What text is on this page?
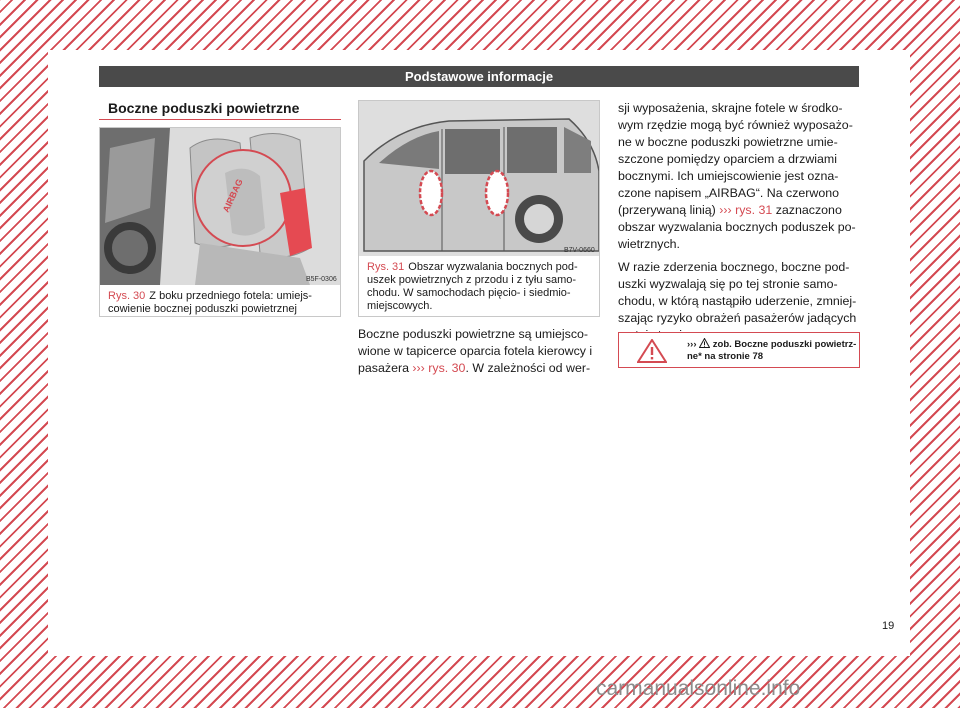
Podstawowe informacje
Boczne poduszki powietrzne
AIRBAG
B5F-0306
Rys. 30 Z boku przedniego fotela: umiejs-cowienie bocznej poduszki powietrznej
B7V-0660
Rys. 31 Obszar wyzwalania bocznych pod-uszek powietrznych z przodu i z tyłu samo-chodu. W samochodach pięcio- i siedmio-miejscowych.

Boczne poduszki powietrzne są umiejsco-wione w tapicerce oparcia fotela kierowcy i pasażera ››› rys. 30. W zależności od wer-

sji wyposażenia, skrajne fotele w środko-wym rzędzie mogą być również wyposażo-ne w boczne poduszki powietrzne umie-szczone pomiędzy oparciem a drzwiami bocznymi. Ich umiejscowienie jest ozna-czone napisem „AIRBAG“. Na czerwono (przerywaną linią) ››› rys. 31 zaznaczono obszar wyzwalania bocznych poduszek po-wietrznych.

W razie zderzenia bocznego, boczne pod-uszki wyzwalają się po tej stronie samo-chodu, w którą nastąpiło uderzenie, zmniej-szając ryzyko obrażeń pasażerów jadących

››› zob. Boczne poduszki powietrz-ne* na stronie 78
19
carmanualsonline.info
